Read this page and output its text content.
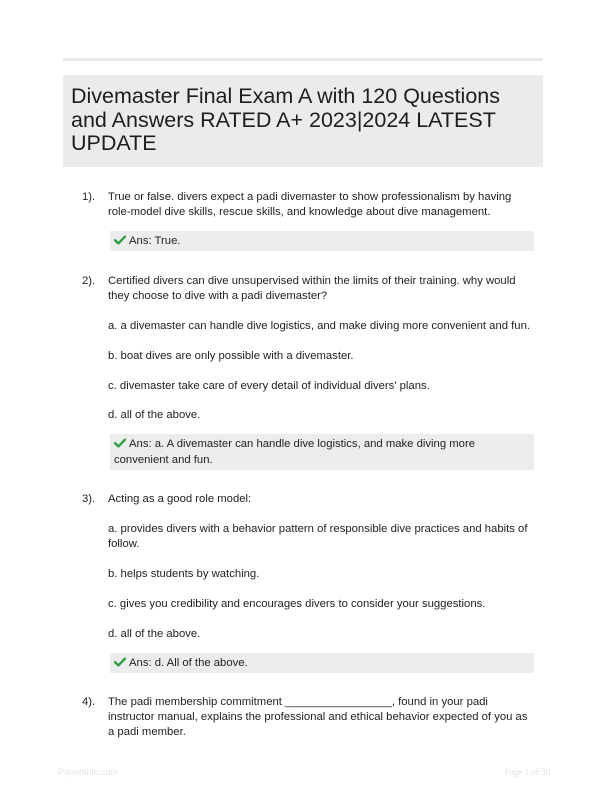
Divemaster Final Exam A with 120 Questions and Answers RATED A+ 2023|2024 LATEST UPDATE
1).	True or false. divers expect a padi divemaster to show professionalism by having role-model dive skills, rescue skills, and knowledge about dive management.

Ans: True.
2).	Certified divers can dive unsupervised within the limits of their training. why would they choose to dive with a padi divemaster?

a. a divemaster can handle dive logistics, and make diving more convenient and fun.

b. boat dives are only possible with a divemaster.

c. divemaster take care of every detail of individual divers' plans.

d. all of the above.

Ans: a. A divemaster can handle dive logistics, and make diving more convenient and fun.
3).	Acting as a good role model:

a. provides divers with a behavior pattern of responsible dive practices and habits of follow.

b. helps students by watching.

c. gives you credibility and encourages divers to consider your suggestions.

d. all of the above.

Ans: d. All of the above.
4).	The padi membership commitment _________________, found in your padi instructor manual, explains the professional and ethical behavior expected of you as a padi member.

Papertible.com	Page 1 of 30
